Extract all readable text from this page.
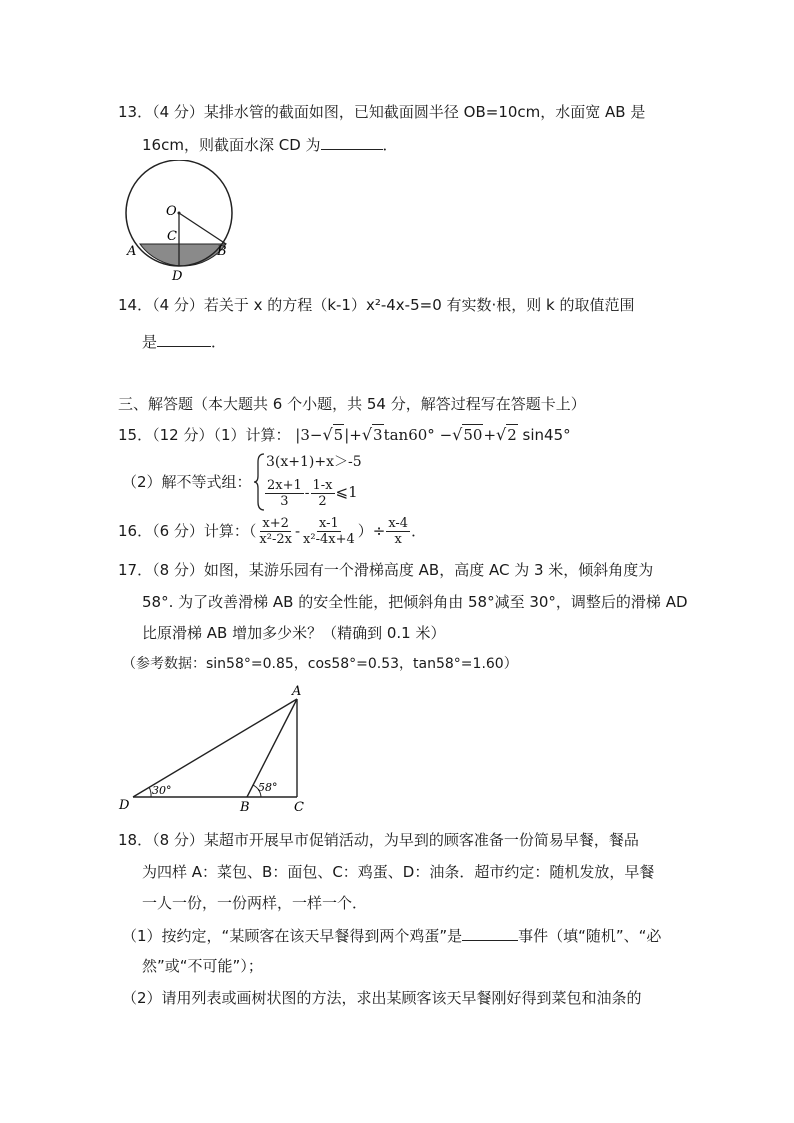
13．（4 分）某排水管的截面如图，已知截面圆半径 OB=10cm，水面宽 AB 是
16cm，则截面水深 CD 为	．
O
C
A	B
D
14．（4 分）若关于 x 的方程（k-1）x²-4x-5=0 有实数·根，则 k 的取值范围
是	．
三、解答题（本大题共 6 个小题，共 54 分，解答过程写在答题卡上）
15．（12 分）（1）计算： |3−√5|+√3tan60° −√50+√2 sin45°
（2）解不等式组：
3(x+1)+x＞-5
$\frac{2x+1}{3} - \frac{1-x}{2}$ ⩽1
16．（6 分）计算：（ $\frac{x+2}{\text{x²-2x}} - \frac{x-1}{\text{x²-4x+4}}$ ）÷ $\frac{x-4}{x}$ ．
17．（8 分）如图，某游乐园有一个滑梯高度 AB，高度 AC 为 3 米，倾斜角度为
58°. 为了改善滑梯 AB 的安全性能，把倾斜角由 58°减至 30°，调整后的滑梯 AD
比原滑梯 AB 增加多少米？（精确到 0.1 米）
（参考数据：sin58°=0.85，cos58°=0.53，tan58°=1.60）
A
D	B	C
30°	58°
18．（8 分）某超市开展早市促销活动，为早到的顾客准备一份简易早餐，餐品
为四样 A：菜包、B：面包、C：鸡蛋、D：油条．超市约定：随机发放，早餐
一人一份，一份两样，一样一个．
（1）按约定，“某顾客在该天早餐得到两个鸡蛋”是	事件（填“随机”、“必
然”或“不可能”）；
（2）请用列表或画树状图的方法，求出某顾客该天早餐刚好得到菜包和油条的
